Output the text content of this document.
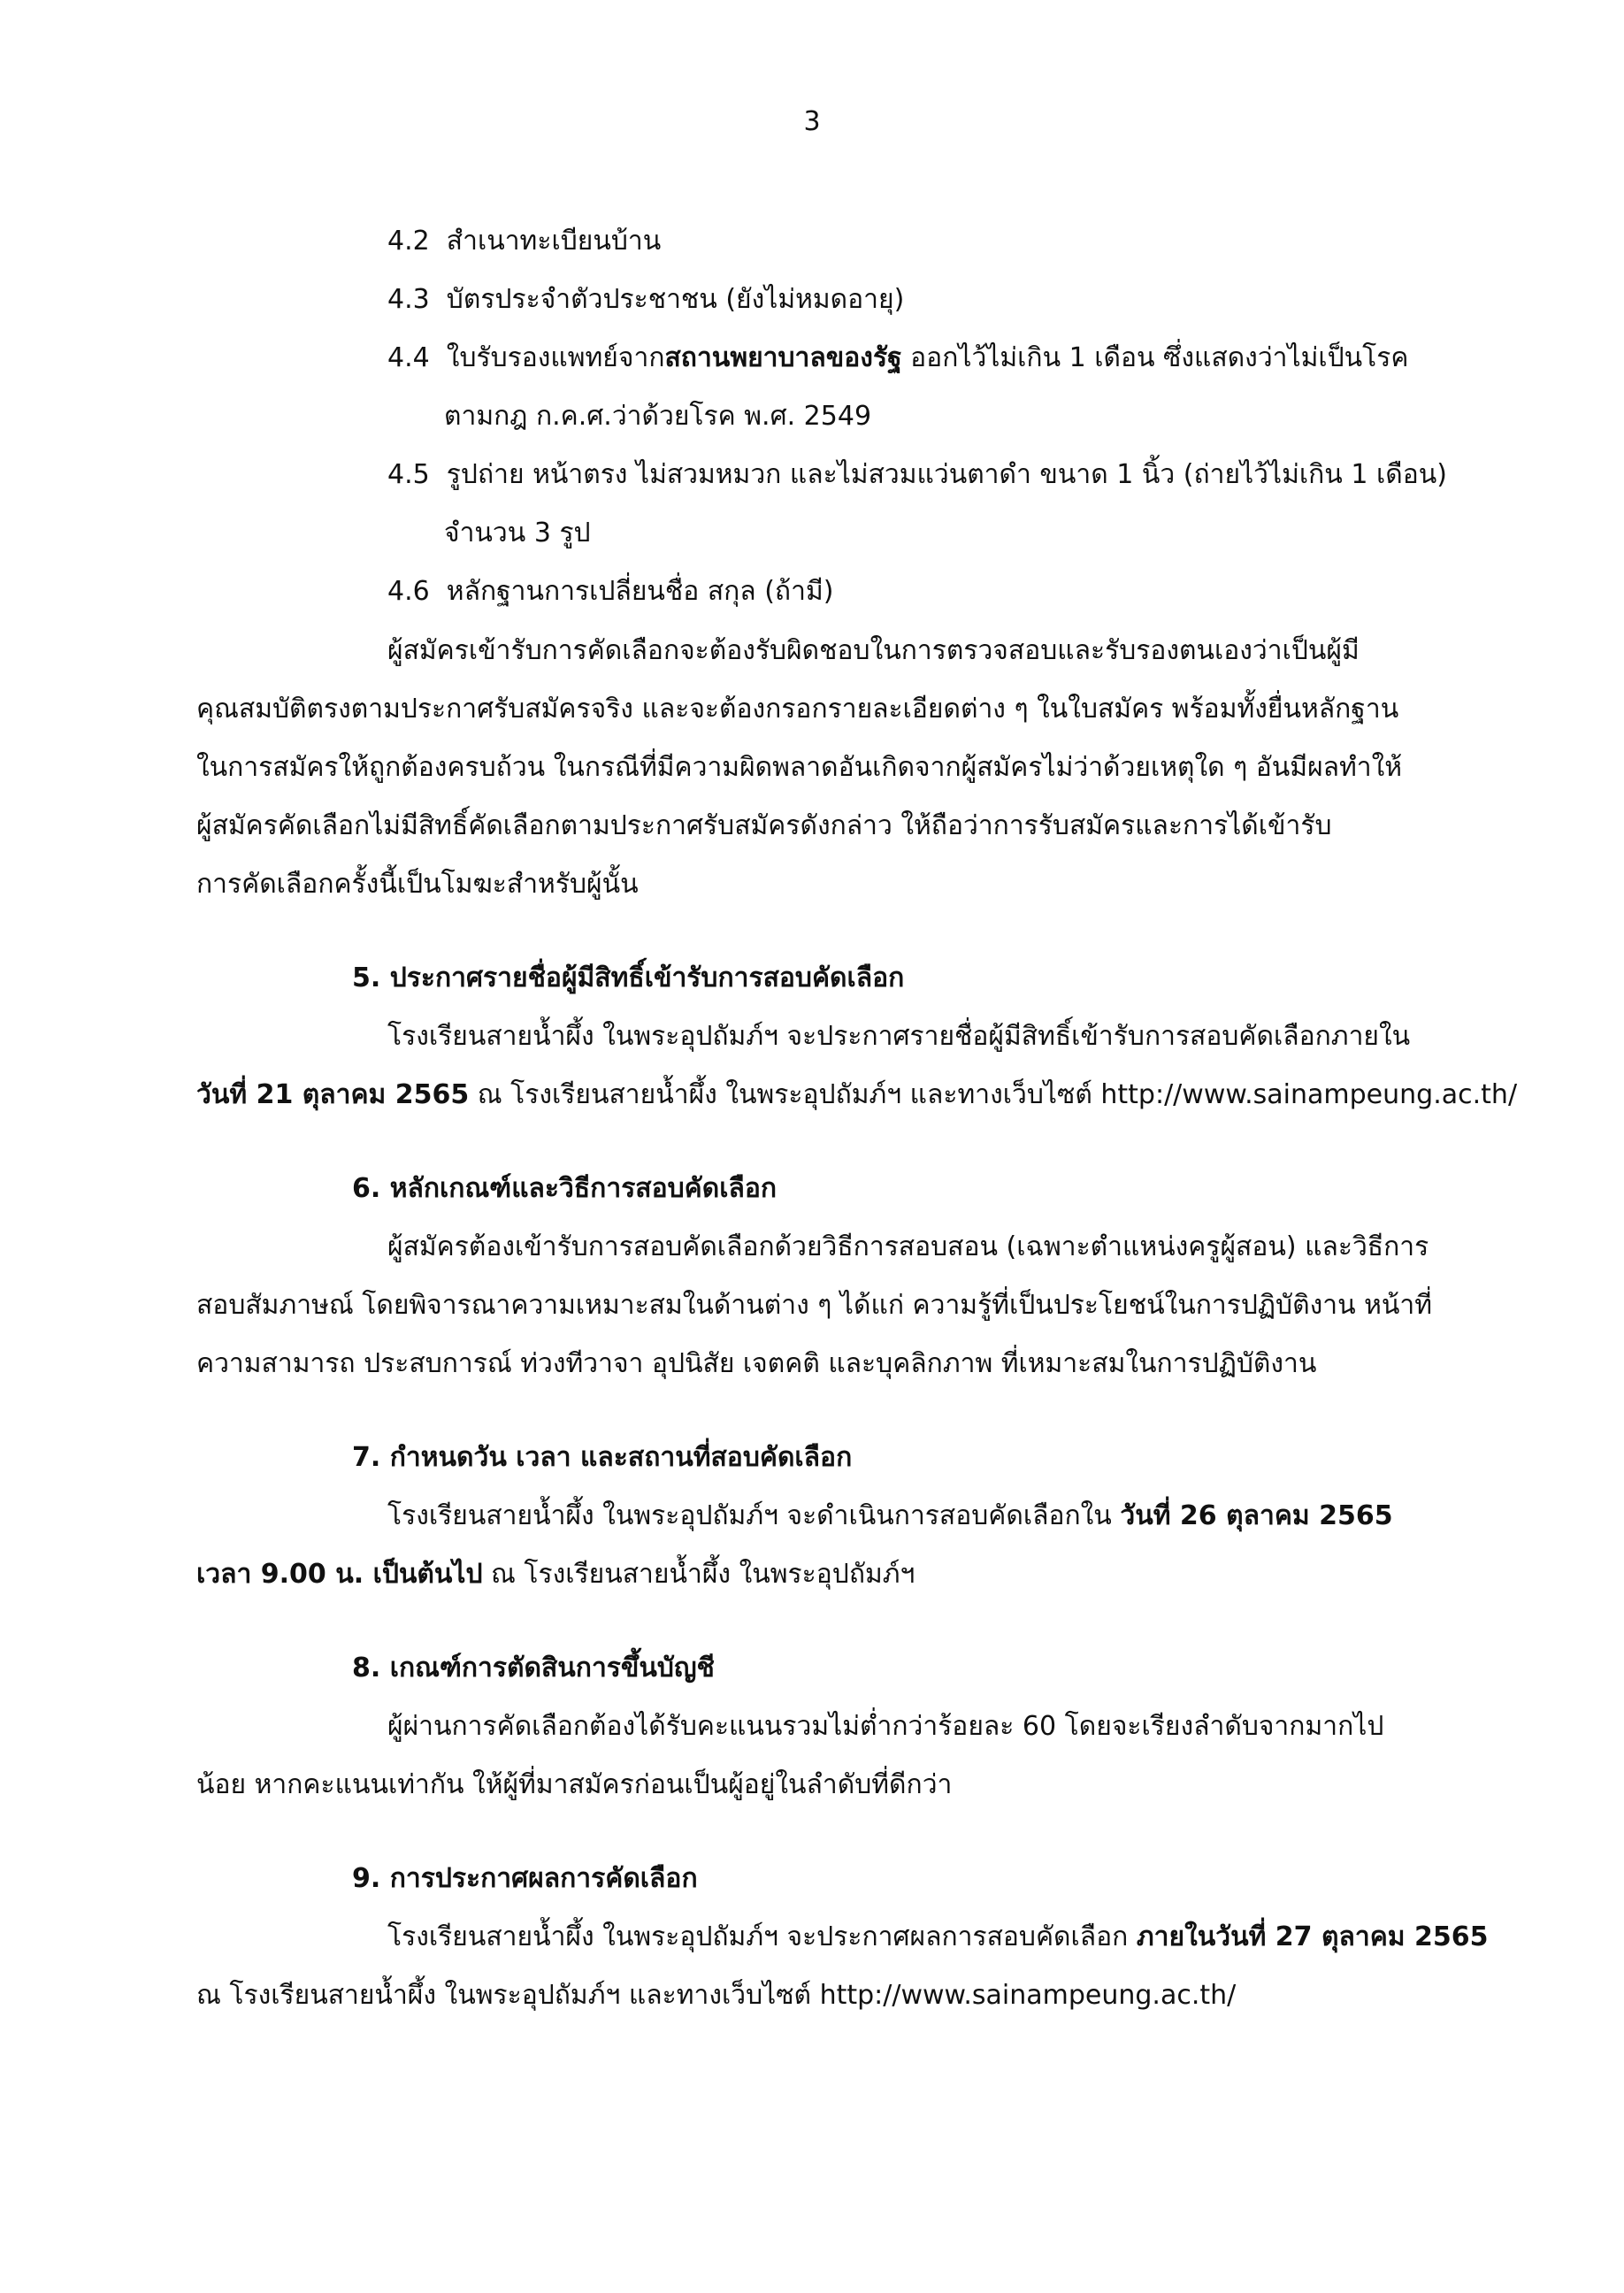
3
4.2 สำเนาทะเบียนบ้าน
4.3 บัตรประจำตัวประชาชน (ยังไม่หมดอายุ)
4.4 ใบรับรองแพทย์จากสถานพยาบาลของรัฐ ออกไว้ไม่เกิน 1 เดือน ซึ่งแสดงว่าไม่เป็นโรค
ตามกฎ ก.ค.ศ.ว่าด้วยโรค พ.ศ. 2549
4.5 รูปถ่าย หน้าตรง ไม่สวมหมวก และไม่สวมแว่นตาดำ ขนาด 1 นิ้ว (ถ่ายไว้ไม่เกิน 1 เดือน)
จำนวน 3 รูป
4.6 หลักฐานการเปลี่ยนชื่อ สกุล (ถ้ามี)
ผู้สมัครเข้ารับการคัดเลือกจะต้องรับผิดชอบในการตรวจสอบและรับรองตนเองว่าเป็นผู้มี
คุณสมบัติตรงตามประกาศรับสมัครจริง และจะต้องกรอกรายละเอียดต่าง ๆ ในใบสมัคร พร้อมทั้งยื่นหลักฐาน
ในการสมัครให้ถูกต้องครบถ้วน ในกรณีที่มีความผิดพลาดอันเกิดจากผู้สมัครไม่ว่าด้วยเหตุใด ๆ อันมีผลทำให้
ผู้สมัครคัดเลือกไม่มีสิทธิ์คัดเลือกตามประกาศรับสมัครดังกล่าว ให้ถือว่าการรับสมัครและการได้เข้ารับ
การคัดเลือกครั้งนี้เป็นโมฆะสำหรับผู้นั้น
5. ประกาศรายชื่อผู้มีสิทธิ์เข้ารับการสอบคัดเลือก
โรงเรียนสายน้ำผึ้ง ในพระอุปถัมภ์ฯ จะประกาศรายชื่อผู้มีสิทธิ์เข้ารับการสอบคัดเลือกภายใน
วันที่ 21 ตุลาคม 2565 ณ โรงเรียนสายน้ำผึ้ง ในพระอุปถัมภ์ฯ และทางเว็บไซต์ http://www.sainampeung.ac.th/
6. หลักเกณฑ์และวิธีการสอบคัดเลือก
ผู้สมัครต้องเข้ารับการสอบคัดเลือกด้วยวิธีการสอบสอน (เฉพาะตำแหน่งครูผู้สอน) และวิธีการ
สอบสัมภาษณ์ โดยพิจารณาความเหมาะสมในด้านต่าง ๆ ได้แก่ ความรู้ที่เป็นประโยชน์ในการปฏิบัติงาน หน้าที่
ความสามารถ ประสบการณ์ ท่วงทีวาจา อุปนิสัย เจตคติ และบุคลิกภาพ ที่เหมาะสมในการปฏิบัติงาน
7. กำหนดวัน เวลา และสถานที่สอบคัดเลือก
โรงเรียนสายน้ำผึ้ง ในพระอุปถัมภ์ฯ จะดำเนินการสอบคัดเลือกใน วันที่ 26 ตุลาคม 2565
เวลา 9.00 น. เป็นต้นไป ณ โรงเรียนสายน้ำผึ้ง ในพระอุปถัมภ์ฯ
8. เกณฑ์การตัดสินการขึ้นบัญชี
ผู้ผ่านการคัดเลือกต้องได้รับคะแนนรวมไม่ต่ำกว่าร้อยละ 60 โดยจะเรียงลำดับจากมากไป
น้อย หากคะแนนเท่ากัน ให้ผู้ที่มาสมัครก่อนเป็นผู้อยู่ในลำดับที่ดีกว่า
9. การประกาศผลการคัดเลือก
โรงเรียนสายน้ำผึ้ง ในพระอุปถัมภ์ฯ จะประกาศผลการสอบคัดเลือก ภายในวันที่ 27 ตุลาคม 2565
ณ โรงเรียนสายน้ำผึ้ง ในพระอุปถัมภ์ฯ และทางเว็บไซต์ http://www.sainampeung.ac.th/
